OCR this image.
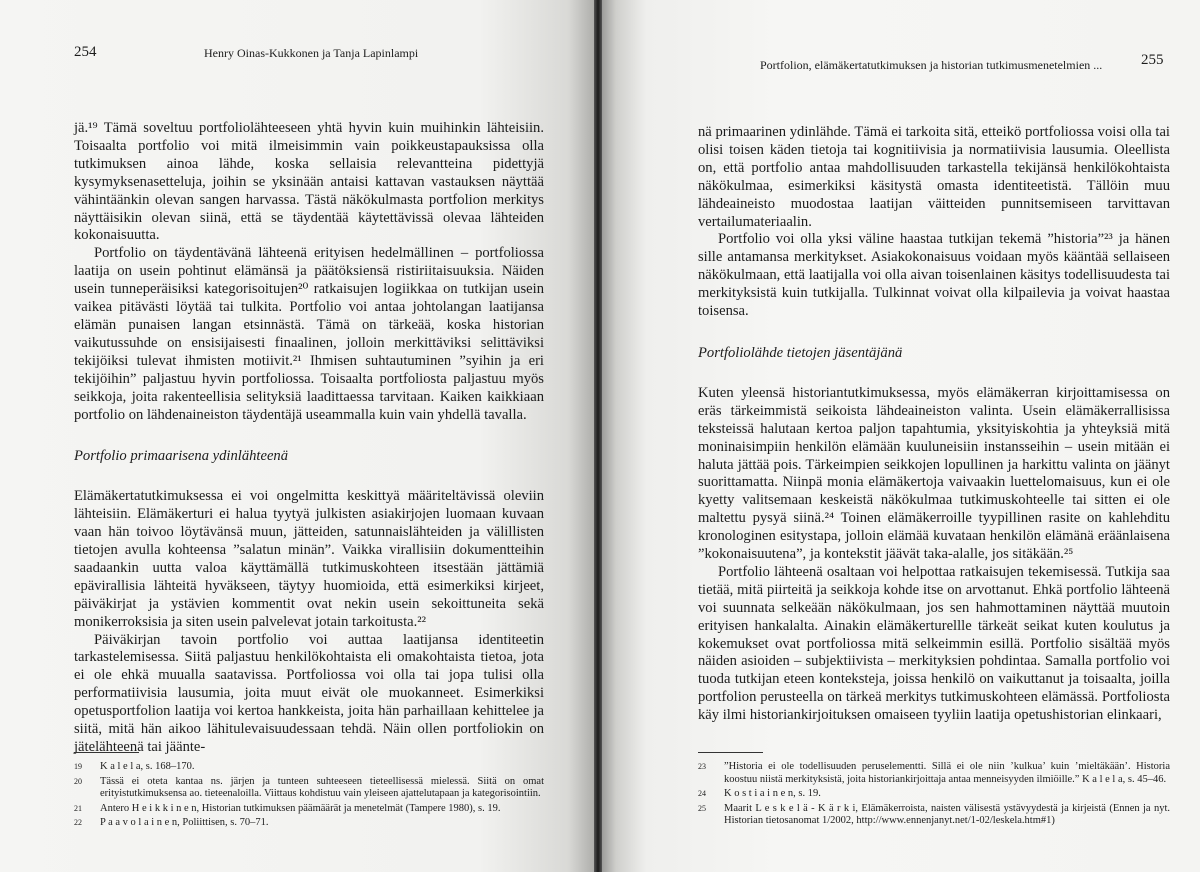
254	Henry Oinas-Kukkonen ja Tanja Lapinlampi

jä.¹⁹ Tämä soveltuu portfoliolähteeseen yhtä hyvin kuin muihinkin lähteisiin. Toisaalta portfolio voi mitä ilmeisimmin vain poikkeustapauksissa olla tutkimuksen ainoa lähde, koska sellaisia relevantteina pidettyjä kysymyksenasetteluja, joihin se yksinään antaisi kattavan vastauksen näyttää vähintäänkin olevan sangen harvassa. Tästä näkökulmasta portfolion merkitys näyttäisikin olevan siinä, että se täydentää käytettävissä olevaa lähteiden kokonaisuutta.

Portfolio on täydentävänä lähteenä erityisen hedelmällinen – portfoliossa laatija on usein pohtinut elämänsä ja päätöksiensä ristiriitaisuuksia. Näiden usein tunneperäisiksi kategorisoitujen²⁰ ratkaisujen logiikkaa on tutkijan usein vaikea pitävästi löytää tai tulkita. Portfolio voi antaa johtolangan laatijansa elämän punaisen langan etsinnästä. Tämä on tärkeää, koska historian vaikutussuhde on ensisijaisesti finaalinen, jolloin merkittäviksi selittäviksi tekijöiksi tulevat ihmisten motiivit.²¹ Ihmisen suhtautuminen ”syihin ja eri tekijöihin” paljastuu hyvin portfoliossa. Toisaalta portfoliosta paljastuu myös seikkoja, joita rakenteellisia selityksiä laadittaessa tarvitaan. Kaiken kaikkiaan portfolio on lähdenaineiston täydentäjä useammalla kuin vain yhdellä tavalla.

Portfolio primaarisena ydinlähteenä

Elämäkertatutkimuksessa ei voi ongelmitta keskittyä määriteltävissä oleviin lähteisiin. Elämäkerturi ei halua tyytyä julkisten asiakirjojen luomaan kuvaan vaan hän toivoo löytävänsä muun, jätteiden, satunnaislähteiden ja välillisten tietojen avulla kohteensa ”salatun minän”. Vaikka virallisiin dokumentteihin saadaankin uutta valoa käyttämällä tutkimuskohteen itsestään jättämiä epävirallisia lähteitä hyväkseen, täytyy huomioida, että esimerkiksi kirjeet, päiväkirjat ja ystävien kommentit ovat nekin usein sekoittuneita sekä monikerroksisia ja siten usein palvelevat jotain tarkoitusta.²²

Päiväkirjan tavoin portfolio voi auttaa laatijansa identiteetin tarkastelemisessa. Siitä paljastuu henkilökohtaista eli omakohtaista tietoa, jota ei ole ehkä muualla saatavissa. Portfoliossa voi olla tai jopa tulisi olla performatiivisia lausumia, joita muut eivät ole muokanneet. Esimerkiksi opetusportfolion laatija voi kertoa hankkeista, joita hän parhaillaan kehittelee ja siitä, mitä hän aikoo lähitulevaisuudessaan tehdä. Näin ollen portfoliokin on jätelähteenä tai jäänte-

19	K a l e l a, s. 168–170.
20	Tässä ei oteta kantaa ns. järjen ja tunteen suhteeseen tieteellisessä mielessä. Siitä on omat erityistutkimuksensa ao. tieteenaloilla. Viittaus kohdistuu vain yleiseen ajattelutapaan ja kategorisointiin.
21	Antero H e i k k i n e n, Historian tutkimuksen päämäärät ja menetelmät (Tampere 1980), s. 19.
22	P a a v o l a i n e n, Poliittisen, s. 70–71.
Portfolion, elämäkertatutkimuksen ja historian tutkimusmenetelmien ...	255

nä primaarinen ydinlähde. Tämä ei tarkoita sitä, etteikö portfoliossa voisi olla tai olisi toisen käden tietoja tai kognitiivisia ja normatiivisia lausumia. Oleellista on, että portfolio antaa mahdollisuuden tarkastella tekijänsä henkilökohtaista näkökulmaa, esimerkiksi käsitystä omasta identiteetistä. Tällöin muu lähdeaineisto muodostaa laatijan väitteiden punnitsemiseen tarvittavan vertailumateriaalin.

Portfolio voi olla yksi väline haastaa tutkijan tekemä ”historia”²³ ja hänen sille antamansa merkitykset. Asiakokonaisuus voidaan myös kääntää sellaiseen näkökulmaan, että laatijalla voi olla aivan toisenlainen käsitys todellisuudesta tai merkityksistä kuin tutkijalla. Tulkinnat voivat olla kilpailevia ja voivat haastaa toisensa.

Portfoliolähde tietojen jäsentäjänä

Kuten yleensä historiantutkimuksessa, myös elämäkerran kirjoittamisessa on eräs tärkeimmistä seikoista lähdeaineiston valinta. Usein elämäkerrallisissa teksteissä halutaan kertoa paljon tapahtumia, yksityiskohtia ja yhteyksiä mitä moninaisimpiin henkilön elämään kuuluneisiin instansseihin – usein mitään ei haluta jättää pois. Tärkeimpien seikkojen lopullinen ja harkittu valinta on jäänyt suorittamatta. Niinpä monia elämäkertoja vaivaakin luettelomaisuus, kun ei ole kyetty valitsemaan keskeistä näkökulmaa tutkimuskohteelle tai sitten ei ole maltettu pysyä siinä.²⁴ Toinen elämäkerroille tyypillinen rasite on kahlehditu kronologinen esitystapa, jolloin elämää kuvataan henkilön elämänä eräänlaisena ”kokonaisuutena”, ja kontekstit jäävät taka-alalle, jos sitäkään.²⁵

Portfolio lähteenä osaltaan voi helpottaa ratkaisujen tekemisessä. Tutkija saa tietää, mitä piirteitä ja seikkoja kohde itse on arvottanut. Ehkä portfolio lähteenä voi suunnata selkeään näkökulmaan, jos sen hahmottaminen näyttää muutoin erityisen hankalalta. Ainakin elämäkerturellle tärkeät seikat kuten koulutus ja kokemukset ovat portfoliossa mitä selkeimmin esillä. Portfolio sisältää myös näiden asioiden – subjektiivista – merkityksien pohdintaa. Samalla portfolio voi tuoda tutkijan eteen konteksteja, joissa henkilö on vaikuttanut ja toisaalta, joilla portfolion perusteella on tärkeä merkitys tutkimuskohteen elämässä. Portfoliosta käy ilmi historiankirjoituksen omaiseen tyyliin laatija opetushistorian elinkaari,

23	”Historia ei ole todellisuuden peruselementti. Sillä ei ole niin ’kulkua’ kuin ’mieltäkään’. Historia koostuu niistä merkityksistä, joita historiankirjoittaja antaa menneisyyden ilmiöille.” K a l e l a, s. 45–46.
24	K o s t i a i n e n, s. 19.
25	Maarit L e s k e l ä - K ä r k i, Elämäkerroista, naisten välisestä ystävyydestä ja kirjeistä (Ennen ja nyt. Historian tietosanomat 1/2002, http://www.ennenjanyt.net/1-02/leskela.htm#1)
